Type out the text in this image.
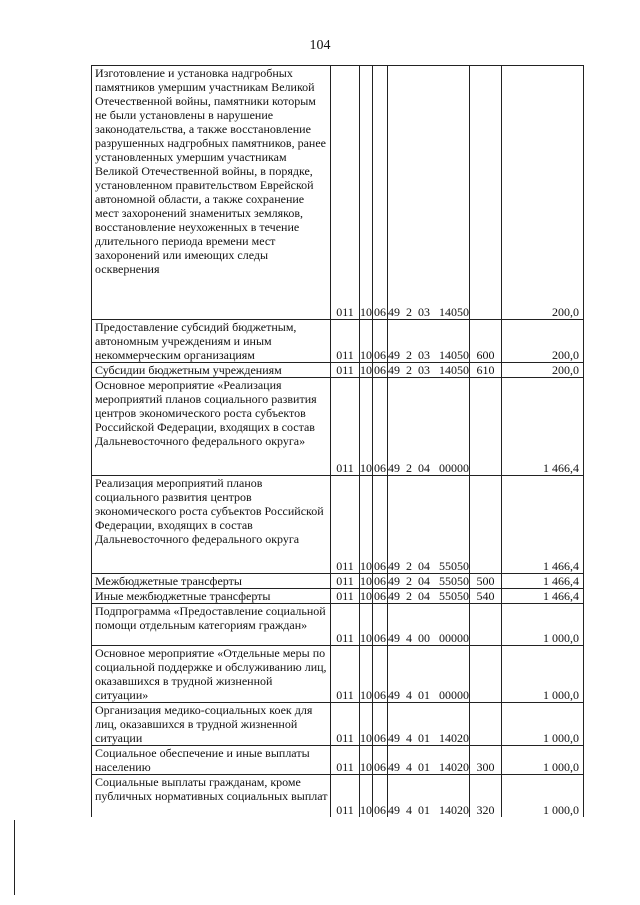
104
Изготовление и установка надгробных памятников умершим участникам Великой Отечественной войны, памятники которым не были установлены в нарушение законодательства, а также восстановление разрушенных надгробных памятников, ранее установленных умершим участникам Великой Отечественной войны, в порядке, установленном правительством Еврейской автономной области, а также сохранение мест захоронений знаменитых земляков, восстановление неухоженных в течение длительного периода времени мест захоронений или имеющих следы осквернения	011	10	06	49 2 03 14050		200,0
Предоставление субсидий бюджетным, автономным учреждениям и иным некоммерческим организациям	011	10	06	49 2 03 14050	600	200,0
Субсидии бюджетным учреждениям	011	10	06	49 2 03 14050	610	200,0
Основное мероприятие «Реализация мероприятий планов социального развития центров экономического роста субъектов Российской Федерации, входящих в состав Дальневосточного федерального округа»	011	10	06	49 2 04 00000		1 466,4
Реализация мероприятий планов социального развития центров экономического роста субъектов Российской Федерации, входящих в состав Дальневосточного федерального округа	011	10	06	49 2 04 55050		1 466,4
Межбюджетные трансферты	011	10	06	49 2 04 55050	500	1 466,4
Иные межбюджетные трансферты	011	10	06	49 2 04 55050	540	1 466,4
Подпрограмма «Предоставление социальной помощи отдельным категориям граждан»	011	10	06	49 4 00 00000		1 000,0
Основное мероприятие «Отдельные меры по социальной поддержке и обслуживанию лиц, оказавшихся в трудной жизненной ситуации»	011	10	06	49 4 01 00000		1 000,0
Организация медико-социальных коек для лиц, оказавшихся в трудной жизненной ситуации	011	10	06	49 4 01 14020		1 000,0
Социальное обеспечение и иные выплаты населению	011	10	06	49 4 01 14020	300	1 000,0
Социальные выплаты гражданам, кроме публичных нормативных социальных выплат	011	10	06	49 4 01 14020	320	1 000,0
